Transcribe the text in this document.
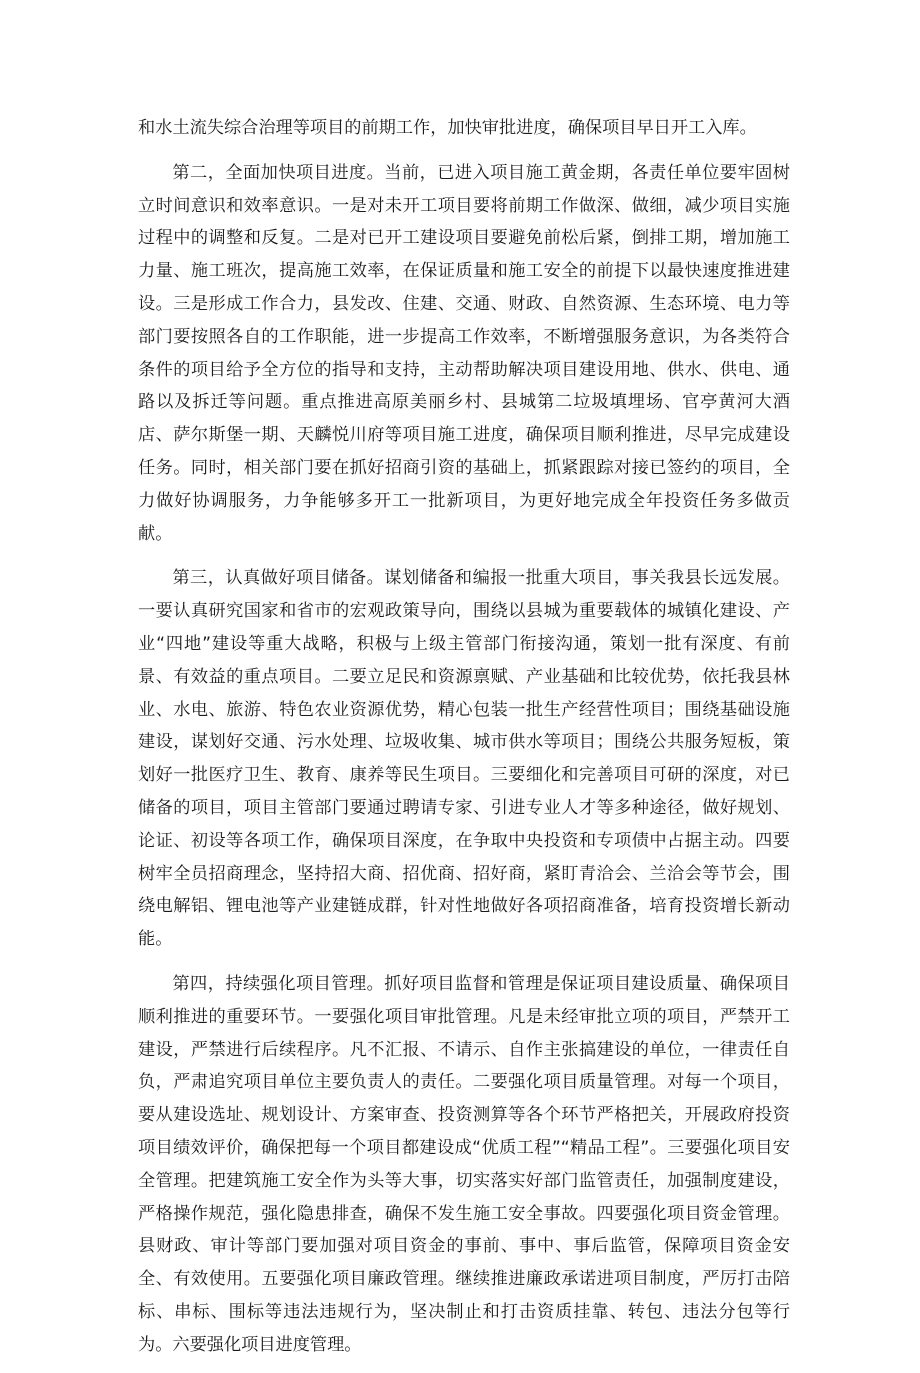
和水土流失综合治理等项目的前期工作，加快审批进度，确保项目早日开工入库。

第二，全面加快项目进度。当前，已进入项目施工黄金期，各责任单位要牢固树立时间意识和效率意识。一是对未开工项目要将前期工作做深、做细，减少项目实施过程中的调整和反复。二是对已开工建设项目要避免前松后紧，倒排工期，增加施工力量、施工班次，提高施工效率，在保证质量和施工安全的前提下以最快速度推进建设。三是形成工作合力，县发改、住建、交通、财政、自然资源、生态环境、电力等部门要按照各自的工作职能，进一步提高工作效率，不断增强服务意识，为各类符合条件的项目给予全方位的指导和支持，主动帮助解决项目建设用地、供水、供电、通路以及拆迁等问题。重点推进高原美丽乡村、县城第二垃圾填埋场、官亭黄河大酒店、萨尔斯堡一期、天麟悦川府等项目施工进度，确保项目顺利推进，尽早完成建设任务。同时，相关部门要在抓好招商引资的基础上，抓紧跟踪对接已签约的项目，全力做好协调服务，力争能够多开工一批新项目，为更好地完成全年投资任务多做贡献。

第三，认真做好项目储备。谋划储备和编报一批重大项目，事关我县长远发展。一要认真研究国家和省市的宏观政策导向，围绕以县城为重要载体的城镇化建设、产业“四地”建设等重大战略，积极与上级主管部门衔接沟通，策划一批有深度、有前景、有效益的重点项目。二要立足民和资源禀赋、产业基础和比较优势，依托我县林业、水电、旅游、特色农业资源优势，精心包装一批生产经营性项目；围绕基础设施建设，谋划好交通、污水处理、垃圾收集、城市供水等项目；围绕公共服务短板，策划好一批医疗卫生、教育、康养等民生项目。三要细化和完善项目可研的深度，对已储备的项目，项目主管部门要通过聘请专家、引进专业人才等多种途径，做好规划、论证、初设等各项工作，确保项目深度，在争取中央投资和专项债中占据主动。四要树牢全员招商理念，坚持招大商、招优商、招好商，紧盯青洽会、兰洽会等节会，围绕电解铝、锂电池等产业建链成群，针对性地做好各项招商准备，培育投资增长新动能。

第四，持续强化项目管理。抓好项目监督和管理是保证项目建设质量、确保项目顺利推进的重要环节。一要强化项目审批管理。凡是未经审批立项的项目，严禁开工建设，严禁进行后续程序。凡不汇报、不请示、自作主张搞建设的单位，一律责任自负，严肃追究项目单位主要负责人的责任。二要强化项目质量管理。对每一个项目，要从建设选址、规划设计、方案审查、投资测算等各个环节严格把关，开展政府投资项目绩效评价，确保把每一个项目都建设成“优质工程”“精品工程”。三要强化项目安全管理。把建筑施工安全作为头等大事，切实落实好部门监管责任，加强制度建设，严格操作规范，强化隐患排查，确保不发生施工安全事故。四要强化项目资金管理。县财政、审计等部门要加强对项目资金的事前、事中、事后监管，保障项目资金安全、有效使用。五要强化项目廉政管理。继续推进廉政承诺进项目制度，严厉打击陪标、串标、围标等违法违规行为，坚决制止和打击资质挂靠、转包、违法分包等行为。六要强化项目进度管理。
